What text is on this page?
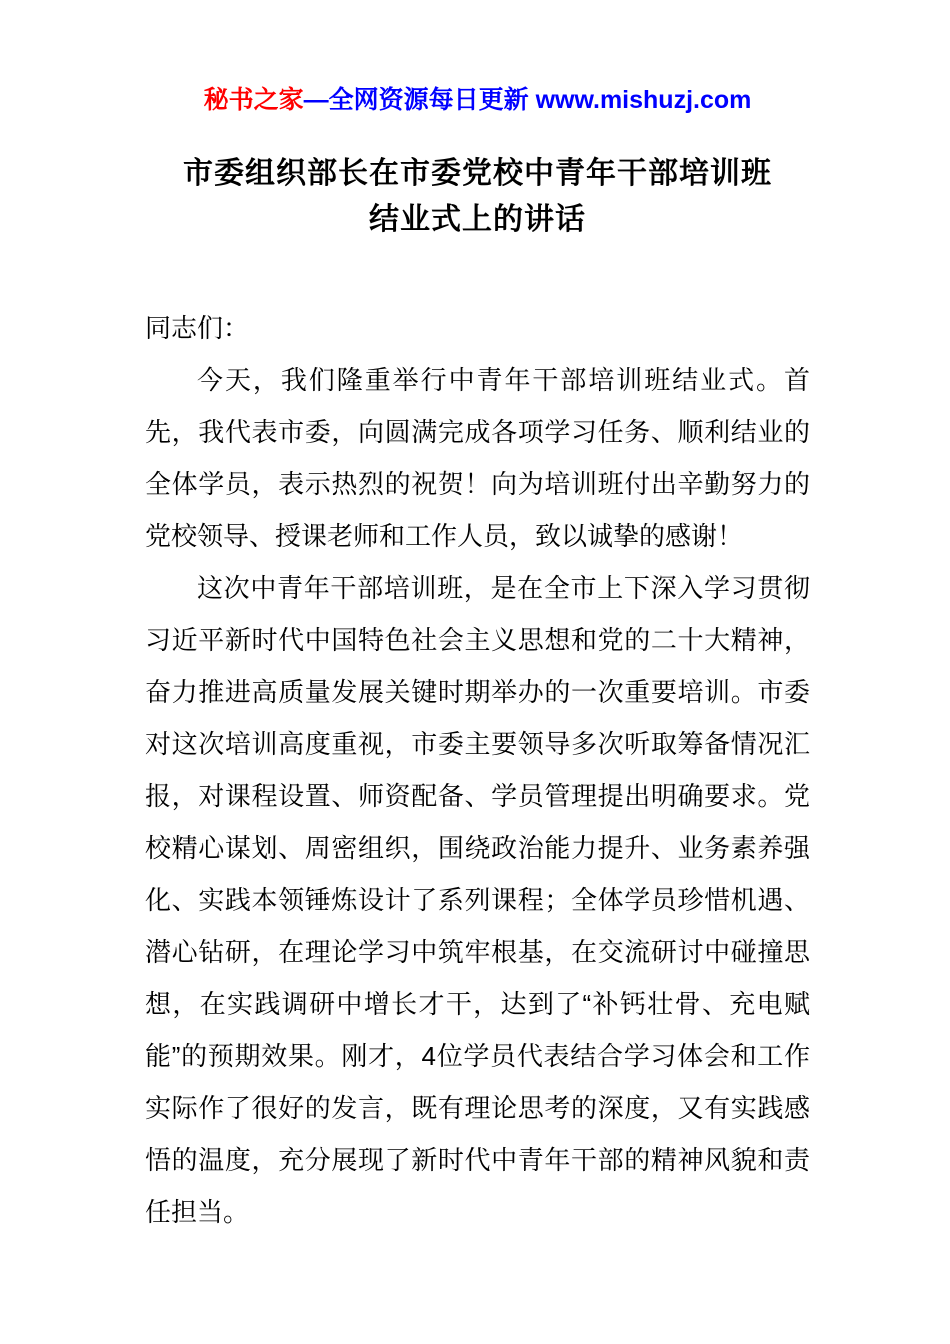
秘书之家—全网资源每日更新 www.mishuzj.com
市委组织部长在市委党校中青年干部培训班
结业式上的讲话

同志们：

今天，我们隆重举行中青年干部培训班结业式。首先，我代表市委，向圆满完成各项学习任务、顺利结业的全体学员，表示热烈的祝贺！向为培训班付出辛勤努力的党校领导、授课老师和工作人员，致以诚挚的感谢！

这次中青年干部培训班，是在全市上下深入学习贯彻习近平新时代中国特色社会主义思想和党的二十大精神，奋力推进高质量发展关键时期举办的一次重要培训。市委对这次培训高度重视，市委主要领导多次听取筹备情况汇报，对课程设置、师资配备、学员管理提出明确要求。党校精心谋划、周密组织，围绕政治能力提升、业务素养强化、实践本领锤炼设计了系列课程；全体学员珍惜机遇、潜心钻研，在理论学习中筑牢根基，在交流研讨中碰撞思想，在实践调研中增长才干，达到了“补钙壮骨、充电赋能”的预期效果。刚才，4位学员代表结合学习体会和工作实际作了很好的发言，既有理论思考的深度，又有实践感悟的温度，充分展现了新时代中青年干部的精神风貌和责任担当。
